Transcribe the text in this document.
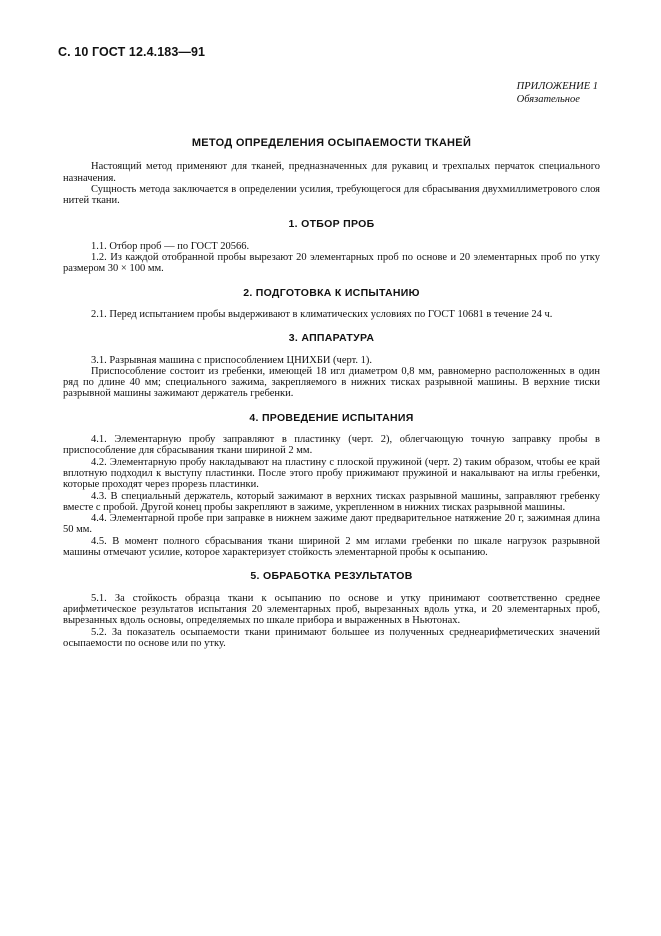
С. 10 ГОСТ 12.4.183—91
ПРИЛОЖЕНИЕ 1
Обязательное
МЕТОД ОПРЕДЕЛЕНИЯ ОСЫПАЕМОСТИ ТКАНЕЙ

Настоящий метод применяют для тканей, предназначенных для рукавиц и трехпалых перчаток специального назначения.

Сущность метода заключается в определении усилия, требующегося для сбрасывания двухмиллиметрового слоя нитей ткани.

1. ОТБОР ПРОБ

1.1. Отбор проб — по ГОСТ 20566.

1.2. Из каждой отобранной пробы вырезают 20 элементарных проб по основе и 20 элементарных проб по утку размером 30 × 100 мм.

2. ПОДГОТОВКА К ИСПЫТАНИЮ

2.1. Перед испытанием пробы выдерживают в климатических условиях по ГОСТ 10681 в течение 24 ч.

3. АППАРАТУРА

3.1. Разрывная машина с приспособлением ЦНИХБИ (черт. 1).

Приспособление состоит из гребенки, имеющей 18 игл диаметром 0,8 мм, равномерно расположенных в один ряд по длине 40 мм; специального зажима, закрепляемого в нижних тисках разрывной машины. В верхние тиски разрывной машины зажимают держатель гребенки.

4. ПРОВЕДЕНИЕ ИСПЫТАНИЯ

4.1. Элементарную пробу заправляют в пластинку (черт. 2), облегчающую точную заправку пробы в приспособление для сбрасывания ткани шириной 2 мм.

4.2. Элементарную пробу накладывают на пластину с плоской пружиной (черт. 2) таким образом, чтобы ее край вплотную подходил к выступу пластинки. После этого пробу прижимают пружиной и накалывают на иглы гребенки, которые проходят через прорезь пластинки.

4.3. В специальный держатель, который зажимают в верхних тисках разрывной машины, заправляют гребенку вместе с пробой. Другой конец пробы закрепляют в зажиме, укрепленном в нижних тисках разрывной машины.

4.4. Элементарной пробе при заправке в нижнем зажиме дают предварительное натяжение 20 г, зажимная длина 50 мм.

4.5. В момент полного сбрасывания ткани шириной 2 мм иглами гребенки по шкале нагрузок разрывной машины отмечают усилие, которое характеризует стойкость элементарной пробы к осыпанию.

5. ОБРАБОТКА РЕЗУЛЬТАТОВ

5.1. За стойкость образца ткани к осыпанию по основе и утку принимают соответственно среднее арифметическое результатов испытания 20 элементарных проб, вырезанных вдоль утка, и 20 элементарных проб, вырезанных вдоль основы, определяемых по шкале прибора и выраженных в Ньютонах.

5.2. За показатель осыпаемости ткани принимают большее из полученных среднеарифметических значений осыпаемости по основе или по утку.
